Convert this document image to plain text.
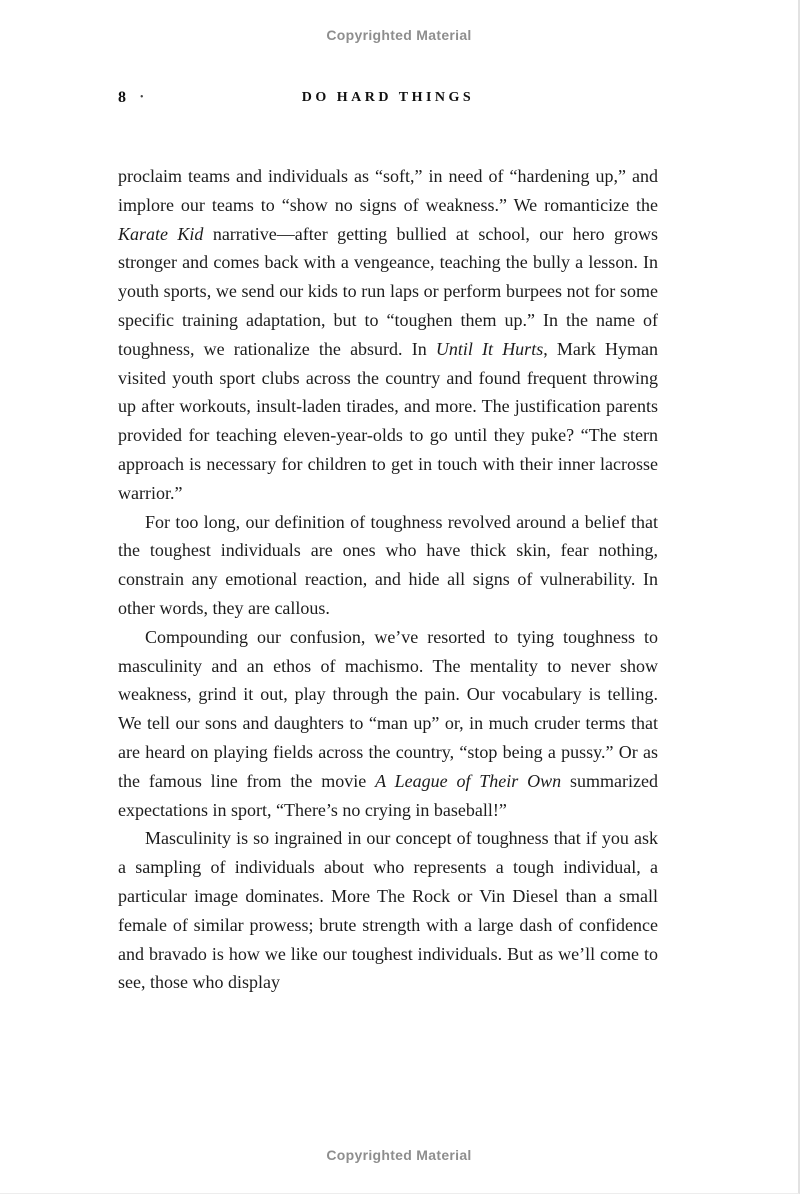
Copyrighted Material
8 •	DO HARD THINGS

proclaim teams and individuals as “soft,” in need of “hardening up,” and implore our teams to “show no signs of weakness.” We romanticize the Karate Kid narrative—after getting bullied at school, our hero grows stronger and comes back with a vengeance, teaching the bully a lesson. In youth sports, we send our kids to run laps or perform burpees not for some specific training adaptation, but to “toughen them up.” In the name of toughness, we rationalize the absurd. In Until It Hurts, Mark Hyman visited youth sport clubs across the country and found frequent throwing up after workouts, insult-laden tirades, and more. The justification parents provided for teaching eleven-year-olds to go until they puke? “The stern approach is necessary for children to get in touch with their inner lacrosse warrior.”

For too long, our definition of toughness revolved around a belief that the toughest individuals are ones who have thick skin, fear nothing, constrain any emotional reaction, and hide all signs of vulnerability. In other words, they are callous.

Compounding our confusion, we’ve resorted to tying toughness to masculinity and an ethos of machismo. The mentality to never show weakness, grind it out, play through the pain. Our vocabulary is telling. We tell our sons and daughters to “man up” or, in much cruder terms that are heard on playing fields across the country, “stop being a pussy.” Or as the famous line from the movie A League of Their Own summarized expectations in sport, “There’s no crying in baseball!”

Masculinity is so ingrained in our concept of toughness that if you ask a sampling of individuals about who represents a tough individual, a particular image dominates. More The Rock or Vin Diesel than a small female of similar prowess; brute strength with a large dash of confidence and bravado is how we like our toughest individuals. But as we’ll come to see, those who display

Copyrighted Material
